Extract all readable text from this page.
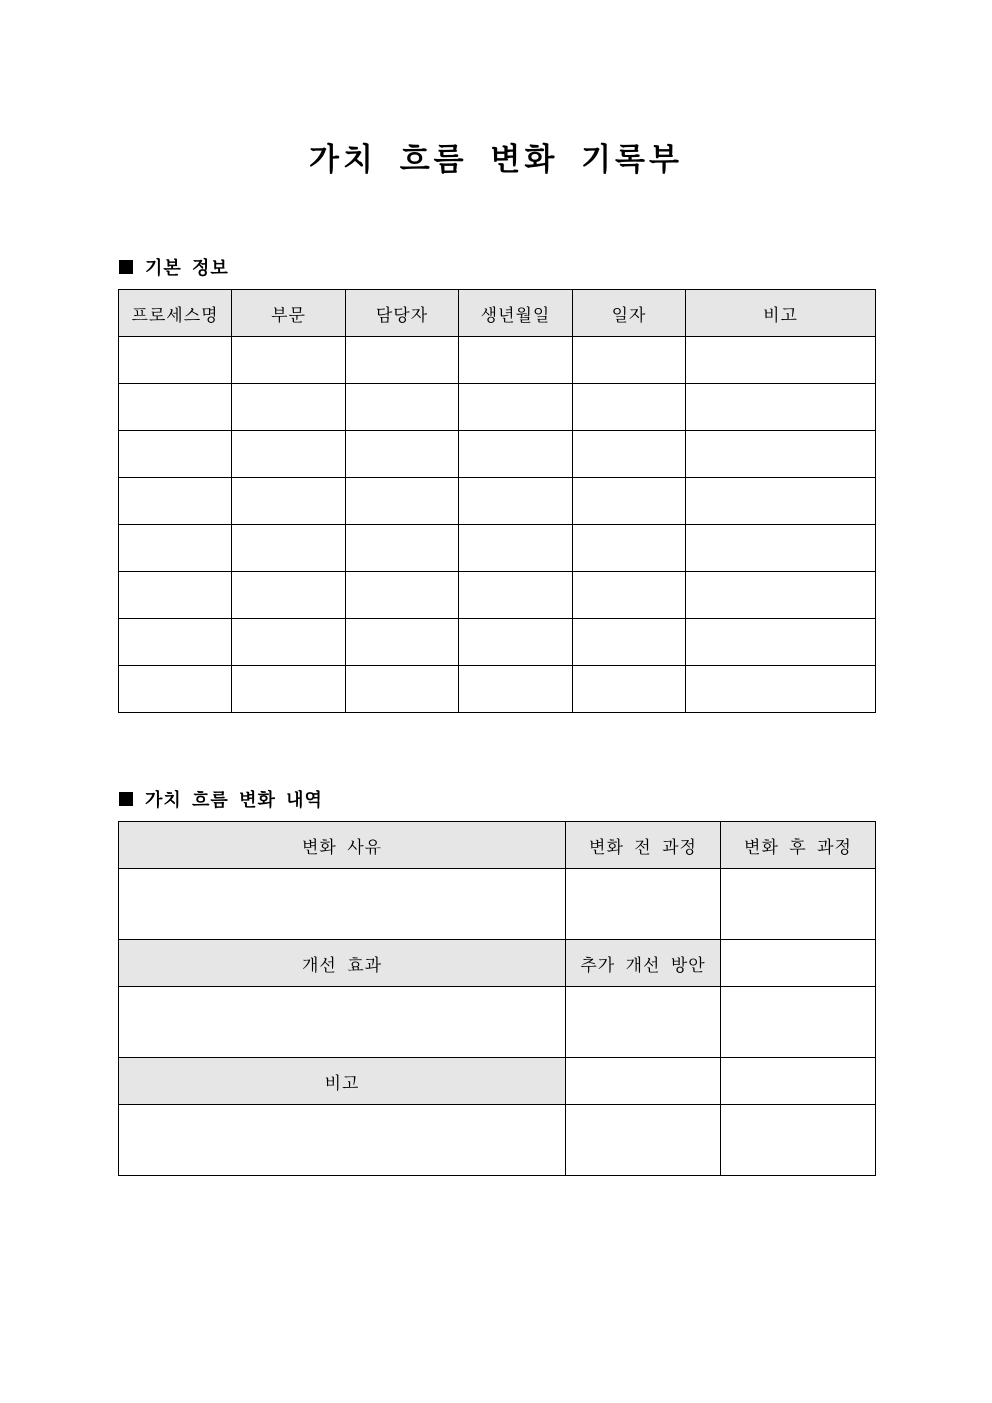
가치 흐름 변화 기록부
기본 정보
프로세스명	부문	담당자	생년월일	일자	비고

가치 흐름 변화 내역
변화 사유	변화 전 과정	변화 후 과정

개선 효과	추가 개선 방안	

비고		
